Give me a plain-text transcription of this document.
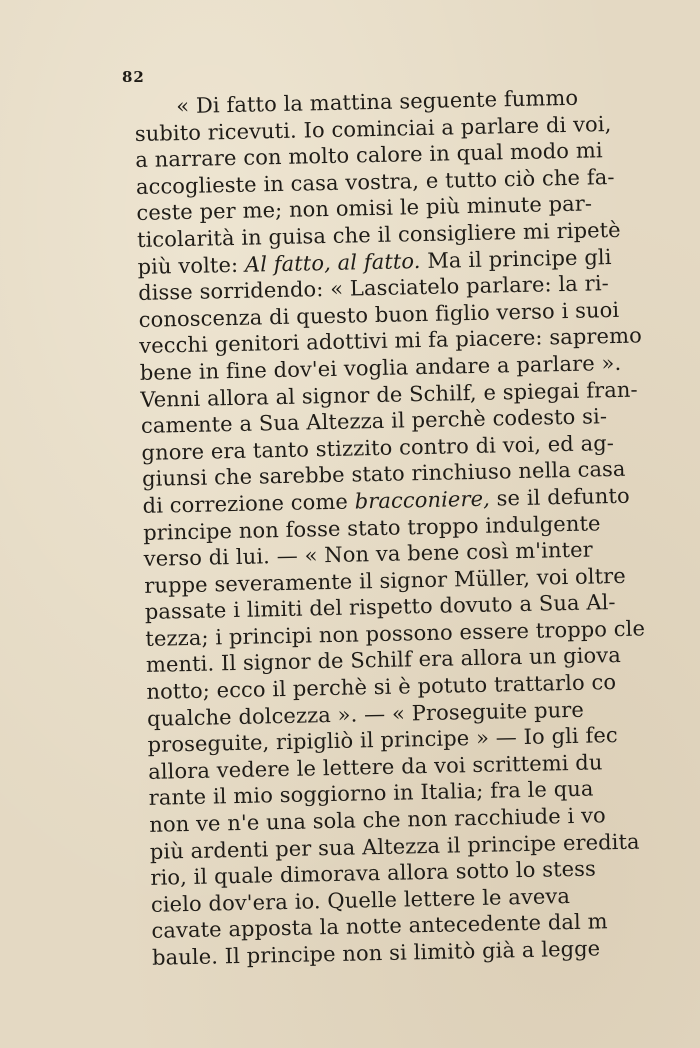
82
« Di fatto la mattina seguente fummo
subito ricevuti. Io cominciai a parlare di voi,
a narrare con molto calore in qual modo mi
accoglieste in casa vostra, e tutto ciò che fa-
ceste per me; non omisi le più minute par-
ticolarità in guisa che il consigliere mi ripetè
più volte: Al fatto, al fatto. Ma il principe gli
disse sorridendo: « Lasciatelo parlare: la ri-
conoscenza di questo buon figlio verso i suoi
vecchi genitori adottivi mi fa piacere: sapremo
bene in fine dov'ei voglia andare a parlare ».
Venni allora al signor de Schilf, e spiegai fran-
camente a Sua Altezza il perchè codesto si-
gnore era tanto stizzito contro di voi, ed ag-
giunsi che sarebbe stato rinchiuso nella casa
di correzione come bracconiere, se il defunto
principe non fosse stato troppo indulgente
verso di lui. — « Non va bene così m'inter
ruppe severamente il signor Müller, voi oltre
passate i limiti del rispetto dovuto a Sua Al-
tezza; i principi non possono essere troppo cle
menti. Il signor de Schilf era allora un giova
notto; ecco il perchè si è potuto trattarlo co
qualche dolcezza ». — « Proseguite pure
proseguite, ripigliò il principe » — Io gli fec
allora vedere le lettere da voi scrittemi du
rante il mio soggiorno in Italia; fra le qua
non ve n'e una sola che non racchiude i vo
più ardenti per sua Altezza il principe eredita
rio, il quale dimorava allora sotto lo stess
cielo dov'era io. Quelle lettere le aveva
cavate apposta la notte antecedente dal m
baule. Il principe non si limitò già a legge
